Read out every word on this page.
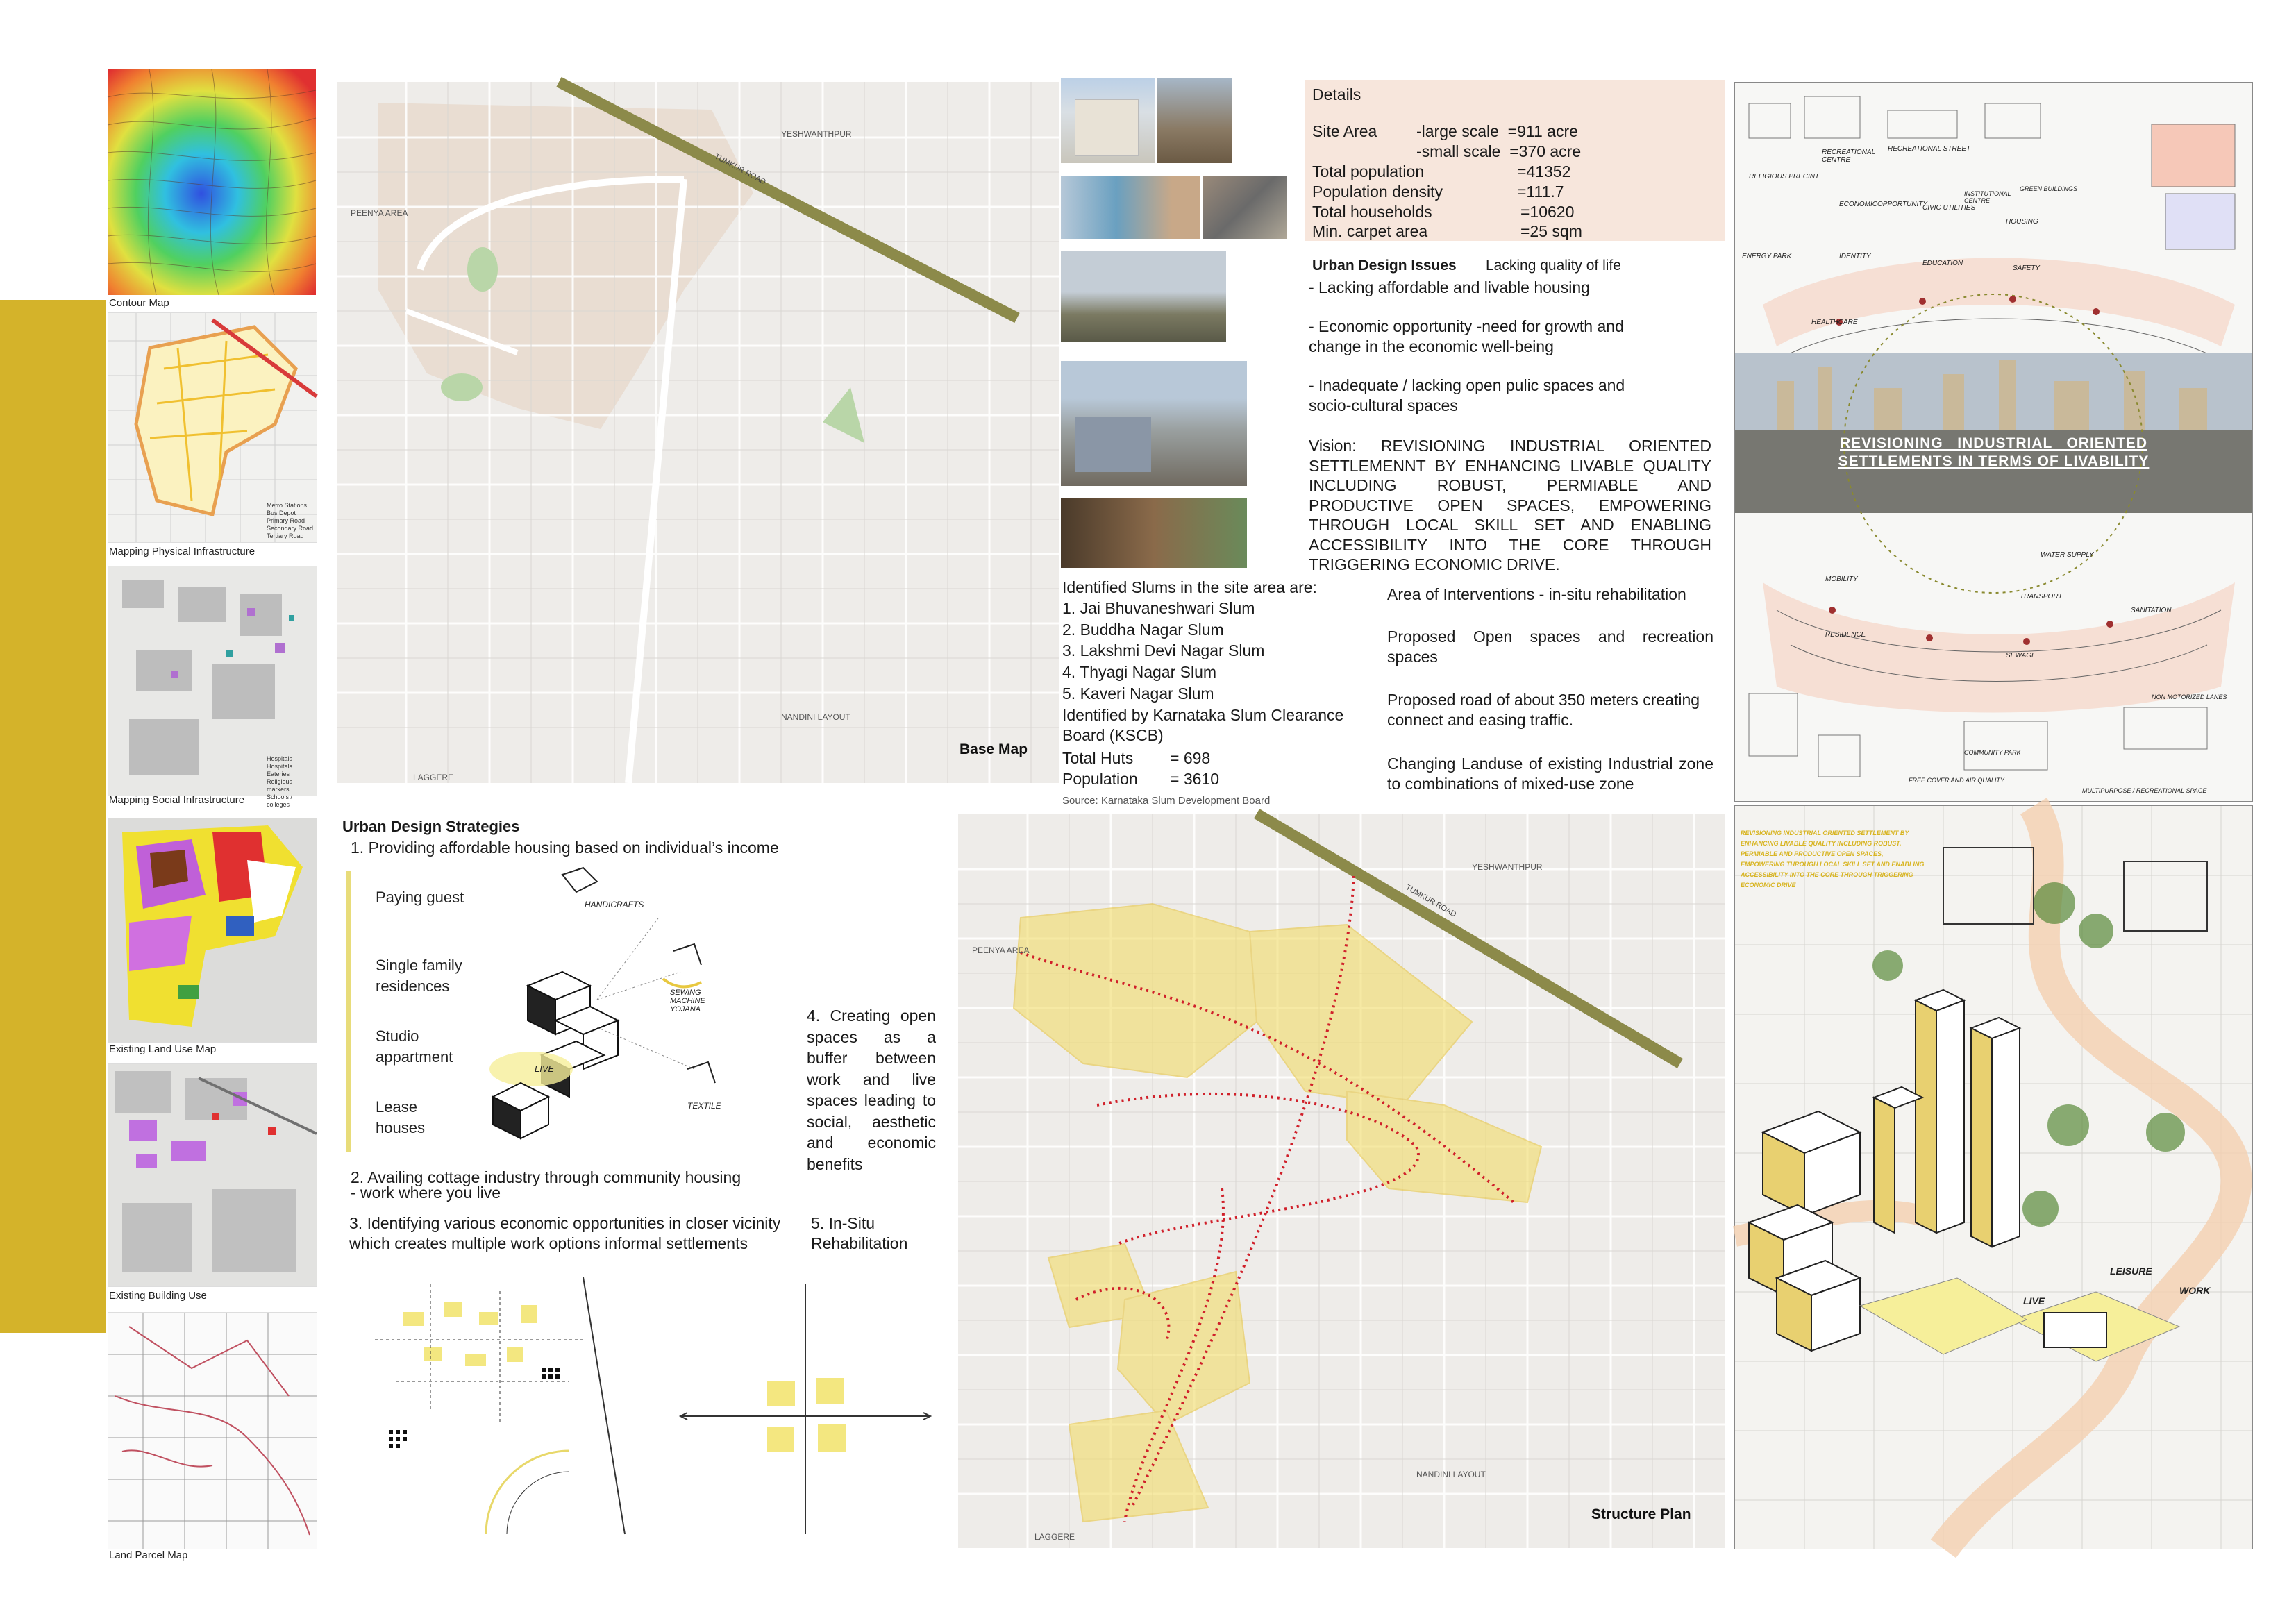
Contour Map
Metro Stations
Bus Depot
Primary Road
Secondary Road
Tertiary Road
Mapping Physical Infrastructure
Hospitals
Hospitals
Eateries
Religious markers
Schools / colleges
Mapping Social Infrastructure
Existing Land Use Map
Existing Building Use
Land Parcel Map
YESHWANTHPUR
PEENYA AREA
NANDINI LAYOUT
LAGGERE
TUMKUR ROAD
Base Map
Details
Site Area -large scale  =911 acre
-small scale  =370 acre
Total population	=41352
Population density	=111.7
Total households	=10620
Min. carpet area	=25 sqm
Urban Design Issues Lacking quality of life
- Lacking affordable and livable housing
- Economic opportunity -need for growth and
change in the economic well-being
- Inadequate / lacking open pulic spaces and
socio-cultural spaces
Vision: REVISIONING INDUSTRIAL ORIENTED SETTLEMENNT BY ENHANCING LIVABLE QUALITY INCLUDING ROBUST, PERMIABLE AND PRODUCTIVE OPEN SPACES, EMPOWERING THROUGH LOCAL SKILL SET AND ENABLING ACCESSIBILITY INTO THE CORE THROUGH TRIGGERING ECONOMIC DRIVE.
Identified Slums in the site area are:
1. Jai Bhuvaneshwari Slum
2. Buddha Nagar Slum
3. Lakshmi Devi Nagar Slum
4. Thyagi Nagar Slum
5. Kaveri Nagar Slum
Identified by Karnataka Slum Clearance Board (KSCB)
Total Huts = 698
Population = 3610
Source: Karnataka Slum Development Board
Area of Interventions - in-situ rehabilitation
Proposed Open spaces and recreation spaces
Proposed road of about 350 meters creating connect and easing traffic.
Changing Landuse of existing Industrial zone to combinations of mixed-use zone
Urban Design Strategies
1. Providing affordable housing based on individual’s income
Paying guest
Single family
residences
Studio
appartment
Lease
houses
HANDICRAFTS
SEWING MACHINE YOJANA
LIVE
TEXTILE
4. Creating open spaces as a buffer between work and live spaces leading to social, aesthetic and economic benefits
2. Availing cottage industry through community housing
- work where you live
3. Identifying various economic opportunities in closer vicinity which creates multiple work options informal settlements
5. In-Situ
Rehabilitation
YESHWANTHPUR
PEENYA AREA
NANDINI LAYOUT
LAGGERE
TUMKUR ROAD
Structure Plan
REVISIONING   INDUSTRIAL   ORIENTED
SETTLEMENTS IN TERMS OF LIVABILITY
RELIGIOUS PRECINT
RECREATIONAL CENTRE
RECREATIONAL STREET
ECONOMICOPPORTUNITY
CIVIC UTILITIES
HOUSING
ENERGY PARK	IDENTITY
EDUCATION
SAFETY
HEALTHCARE
INSTITUTIONAL CENTRE
GREEN BUILDINGS
MOBILITY
TRANSPORT
WATER SUPPLY
SANITATION
RESIDENCE
SEWAGE
NON MOTORIZED LANES
COMMUNITY PARK
FREE COVER AND AIR QUALITY
MULTIPURPOSE / RECREATIONAL SPACE
REVISIONING INDUSTRIAL ORIENTED SETTLEMENT BY ENHANCING LIVABLE QUALITY INCLUDING ROBUST, PERMIABLE AND PRODUCTIVE OPEN SPACES, EMPOWERING THROUGH LOCAL SKILL SET AND ENABLING ACCESSIBILITY INTO THE CORE THROUGH TRIGGERING ECONOMIC DRIVE
LIVE
LEISURE
WORK
